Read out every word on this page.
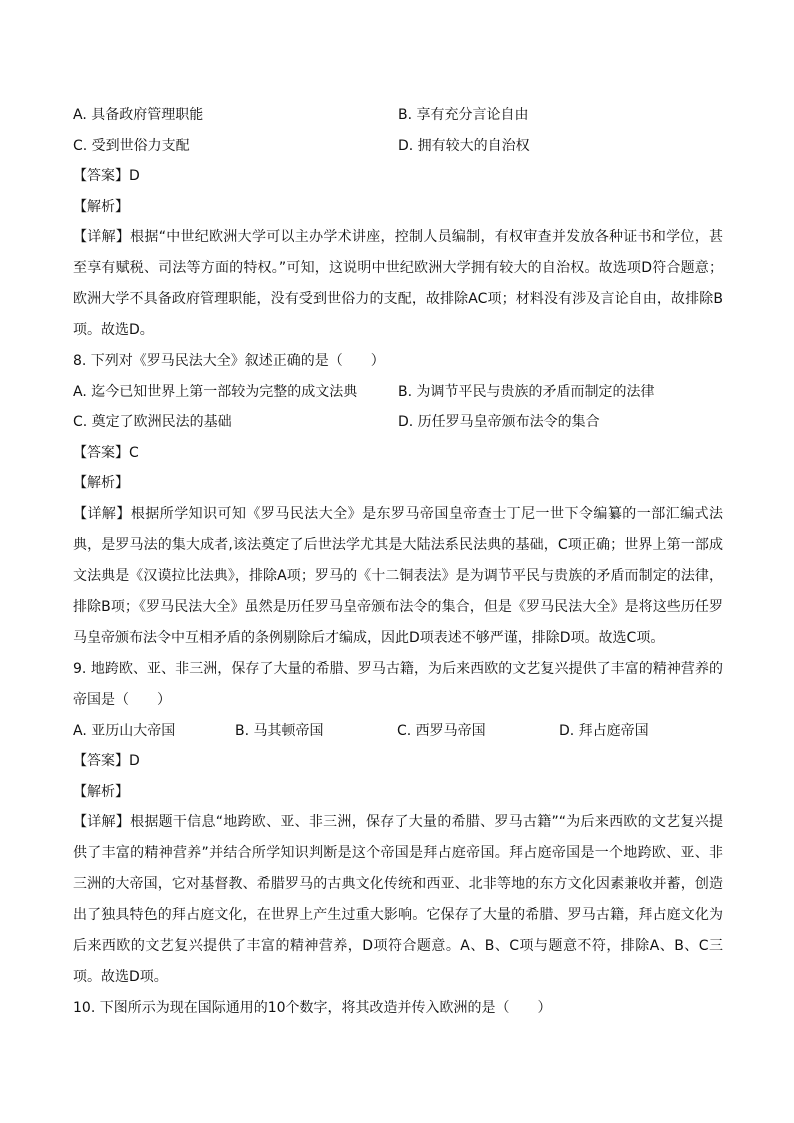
A. 具备政府管理职能	B. 享有充分言论自由
C. 受到世俗力支配	D. 拥有较大的自治权
【答案】D
【解析】
【详解】根据“中世纪欧洲大学可以主办学术讲座，控制人员编制，有权审查并发放各种证书和学位，甚至享有赋税、司法等方面的特权。”可知，这说明中世纪欧洲大学拥有较大的自治权。故选项D符合题意；欧洲大学不具备政府管理职能，没有受到世俗力的支配，故排除AC项；材料没有涉及言论自由，故排除B项。故选D。
8. 下列对《罗马民法大全》叙述正确的是（　　）
A. 迄今已知世界上第一部较为完整的成文法典	B. 为调节平民与贵族的矛盾而制定的法律
C. 奠定了欧洲民法的基础	D. 历任罗马皇帝颁布法令的集合
【答案】C
【解析】
【详解】根据所学知识可知《罗马民法大全》是东罗马帝国皇帝查士丁尼一世下令编纂的一部汇编式法典，是罗马法的集大成者,该法奠定了后世法学尤其是大陆法系民法典的基础，C项正确；世界上第一部成文法典是《汉谟拉比法典》，排除A项；罗马的《十二铜表法》是为调节平民与贵族的矛盾而制定的法律，排除B项；《罗马民法大全》虽然是历任罗马皇帝颁布法令的集合，但是《罗马民法大全》是将这些历任罗马皇帝颁布法令中互相矛盾的条例剔除后才编成，因此D项表述不够严谨，排除D项。故选C项。
9. 地跨欧、亚、非三洲，保存了大量的希腊、罗马古籍，为后来西欧的文艺复兴提供了丰富的精神营养的帝国是（　　）
A. 亚历山大帝国	B. 马其顿帝国	C. 西罗马帝国	D. 拜占庭帝国
【答案】D
【解析】
【详解】根据题干信息“地跨欧、亚、非三洲，保存了大量的希腊、罗马古籍”“为后来西欧的文艺复兴提供了丰富的精神营养”并结合所学知识判断是这个帝国是拜占庭帝国。拜占庭帝国是一个地跨欧、亚、非三洲的大帝国，它对基督教、希腊罗马的古典文化传统和西亚、北非等地的东方文化因素兼收并蓄，创造出了独具特色的拜占庭文化，在世界上产生过重大影响。它保存了大量的希腊、罗马古籍，拜占庭文化为后来西欧的文艺复兴提供了丰富的精神营养，D项符合题意。A、B、C项与题意不符，排除A、B、C三项。故选D项。
10. 下图所示为现在国际通用的10个数字，将其改造并传入欧洲的是（　　）
